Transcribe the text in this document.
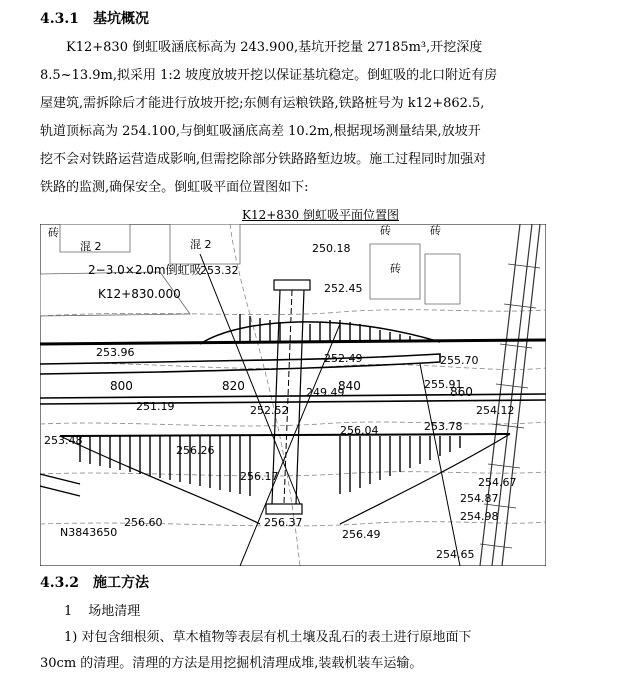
4.3.1 基坑概况
K12+830 倒虹吸涵底标高为 243.900,基坑开挖量 27185m³,开挖深度
8.5~13.9m,拟采用 1:2 坡度放坡开挖以保证基坑稳定。倒虹吸的北口附近有房
屋建筑,需拆除后才能进行放坡开挖;东侧有运粮铁路,铁路桩号为 k12+862.5,
轨道顶标高为 254.100,与倒虹吸涵底高差 10.2m,根据现场测量结果,放坡开
挖不会对铁路运营造成影响,但需挖除部分铁路路堑边坡。施工过程同时加强对
铁路的监测,确保安全。倒虹吸平面位置图如下:
K12+830 倒虹吸平面位置图
2−3.0×2.0m倒虹吸
K12+830.000
混 2	混 2
800	820	840	860
250.18
253.32
252.45
253.96	252.49	255.70
255.91
251.19	252.52
249.49
254.12
256.04	253.78
253.48
256.26
256.17
254.87
256.60	256.37
256.49
254.67
254.98
254.65
N3843650
砖	砖
砖
砖
4.3.2 施工方法
1 场地清理
1) 对包含细根须、草木植物等表层有机土壤及乱石的表土进行原地面下
30cm 的清理。清理的方法是用挖掘机清理成堆,装载机装车运输。
